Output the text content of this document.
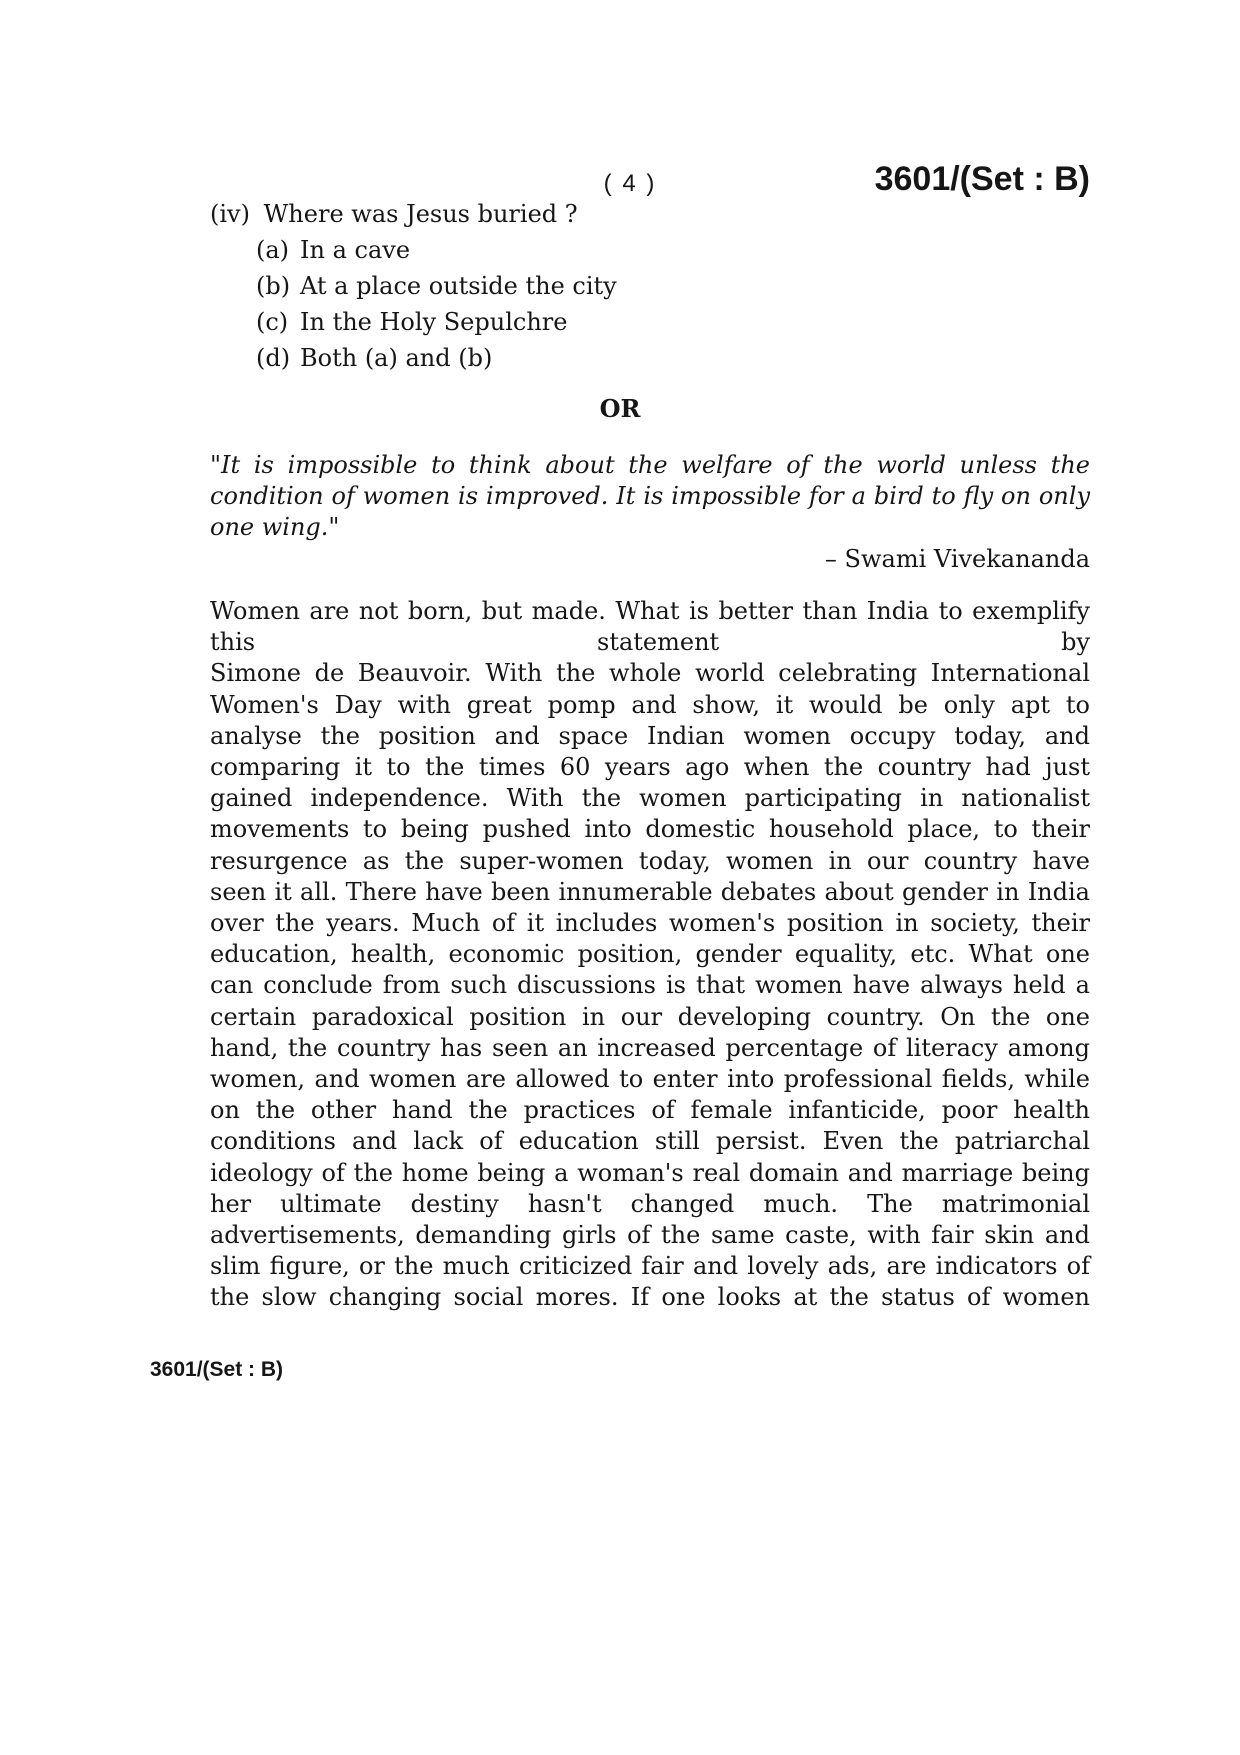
( 4 )	3601/(Set : B)
(iv) Where was Jesus buried ?
(a) In a cave
(b) At a place outside the city
(c) In the Holy Sepulchre
(d) Both (a) and (b)
OR

"It is impossible to think about the welfare of the world unless the condition of women is improved. It is impossible for a bird to fly on only one wing."

– Swami Vivekananda
Women are not born, but made. What is better than India to exemplify
this statement by
Simone de Beauvoir. With the whole world celebrating International
Women's Day with great pomp and show, it would be only apt to
analyse the position and space Indian women occupy today, and
comparing it to the times 60 years ago when the country had just
gained independence. With the women participating in nationalist
movements to being pushed into domestic household place, to their
resurgence as the super-women today, women in our country have
seen it all. There have been innumerable debates about gender in India
over the years. Much of it includes women's position in society, their
education, health, economic position, gender equality, etc. What one
can conclude from such discussions is that women have always held a
certain paradoxical position in our developing country. On the one
hand, the country has seen an increased percentage of literacy among
women, and women are allowed to enter into professional fields, while
on the other hand the practices of female infanticide, poor health
conditions and lack of education still persist. Even the patriarchal
ideology of the home being a woman's real domain and marriage being
her ultimate destiny hasn't changed much. The matrimonial
advertisements, demanding girls of the same caste, with fair skin and
slim figure, or the much criticized fair and lovely ads, are indicators of
the slow changing social mores. If one looks at the status of women
3601/(Set : B)
